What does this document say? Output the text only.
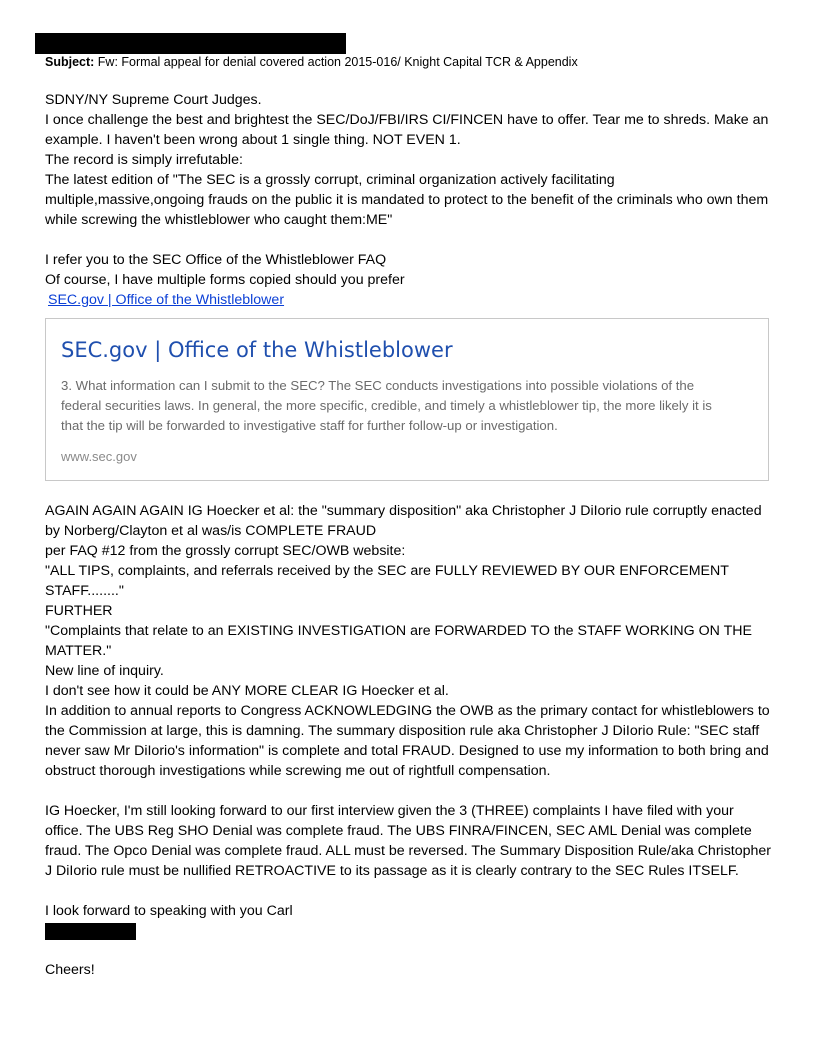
Subject: Fw: Formal appeal for denial covered action 2015-016/ Knight Capital TCR & Appendix

SDNY/NY Supreme Court Judges.

I once challenge the best and brightest the SEC/DoJ/FBI/IRS CI/FINCEN have to offer. Tear me to shreds. Make an example. I haven't been wrong about 1 single thing. NOT EVEN 1.

The record is simply irrefutable:

The latest edition of "The SEC is a grossly corrupt, criminal organization actively facilitating multiple,massive,ongoing frauds on the public it is mandated to protect to the benefit of the criminals who own them while screwing the whistleblower who caught them:ME"

I refer you to the SEC Office of the Whistleblower FAQ

Of course, I have multiple forms copied should you prefer

SEC.gov | Office of the Whistleblower

SEC.gov | Office of the Whistleblower
3. What information can I submit to the SEC? The SEC conducts investigations into possible violations of the federal securities laws. In general, the more specific, credible, and timely a whistleblower tip, the more likely it is that the tip will be forwarded to investigative staff for further follow-up or investigation.
www.sec.gov

AGAIN AGAIN AGAIN IG Hoecker et al: the "summary disposition" aka Christopher J DiIorio rule corruptly enacted by Norberg/Clayton et al was/is COMPLETE FRAUD

per FAQ #12 from the grossly corrupt SEC/OWB website:

"ALL TIPS, complaints, and referrals received by the SEC are FULLY REVIEWED BY OUR ENFORCEMENT STAFF........"

FURTHER

"Complaints that relate to an EXISTING INVESTIGATION are FORWARDED TO the STAFF WORKING ON THE MATTER."

New line of inquiry.

I don't see how it could be ANY MORE CLEAR IG Hoecker et al.

In addition to annual reports to Congress ACKNOWLEDGING the OWB as the primary contact for whistleblowers to the Commission at large, this is damning. The summary disposition rule aka Christopher J DiIorio Rule: "SEC staff never saw Mr DiIorio's information" is complete and total FRAUD. Designed to use my information to both bring and obstruct thorough investigations while screwing me out of rightfull compensation.

IG Hoecker, I'm still looking forward to our first interview given the 3 (THREE) complaints I have filed with your office. The UBS Reg SHO Denial was complete fraud. The UBS FINRA/FINCEN, SEC AML Denial was complete fraud. The Opco Denial was complete fraud. ALL must be reversed. The Summary Disposition Rule/aka Christopher J DiIorio rule must be nullified RETROACTIVE to its passage as it is clearly contrary to the SEC Rules ITSELF.

I look forward to speaking with you Carl

Cheers!
